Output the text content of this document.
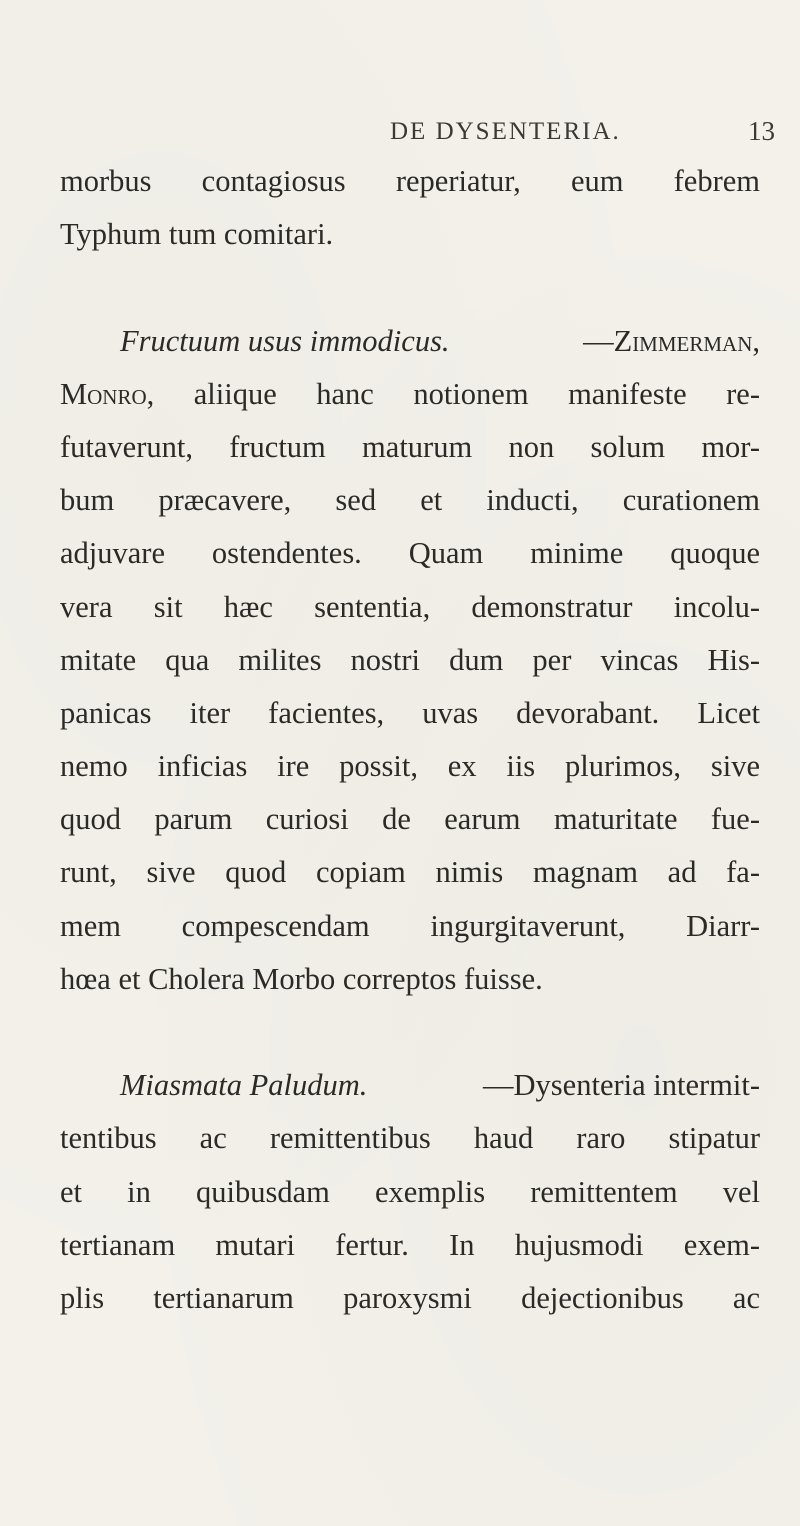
DE DYSENTERIA.	13
morbus contagiosus reperiatur, eum febrem
Typhum tum comitari.
Fructuum usus immodicus.	—Zimmerman,
Monro, aliique hanc notionem manifeste re-
futaverunt, fructum maturum non solum mor-
bum præcavere, sed et inducti, curationem
adjuvare ostendentes. Quam minime quoque
vera sit hæc sententia, demonstratur incolu-
mitate qua milites nostri dum per vincas His-
panicas iter facientes, uvas devorabant. Licet
nemo inficias ire possit, ex iis plurimos, sive
quod parum curiosi de earum maturitate fue-
runt, sive quod copiam nimis magnam ad fa-
mem compescendam ingurgitaverunt, Diarr-
hœa et Cholera Morbo correptos fuisse.
Miasmata Paludum.	—Dysenteria intermit-
tentibus ac remittentibus haud raro stipatur
et in quibusdam exemplis remittentem vel
tertianam mutari fertur. In hujusmodi exem-
plis tertianarum paroxysmi dejectionibus ac
